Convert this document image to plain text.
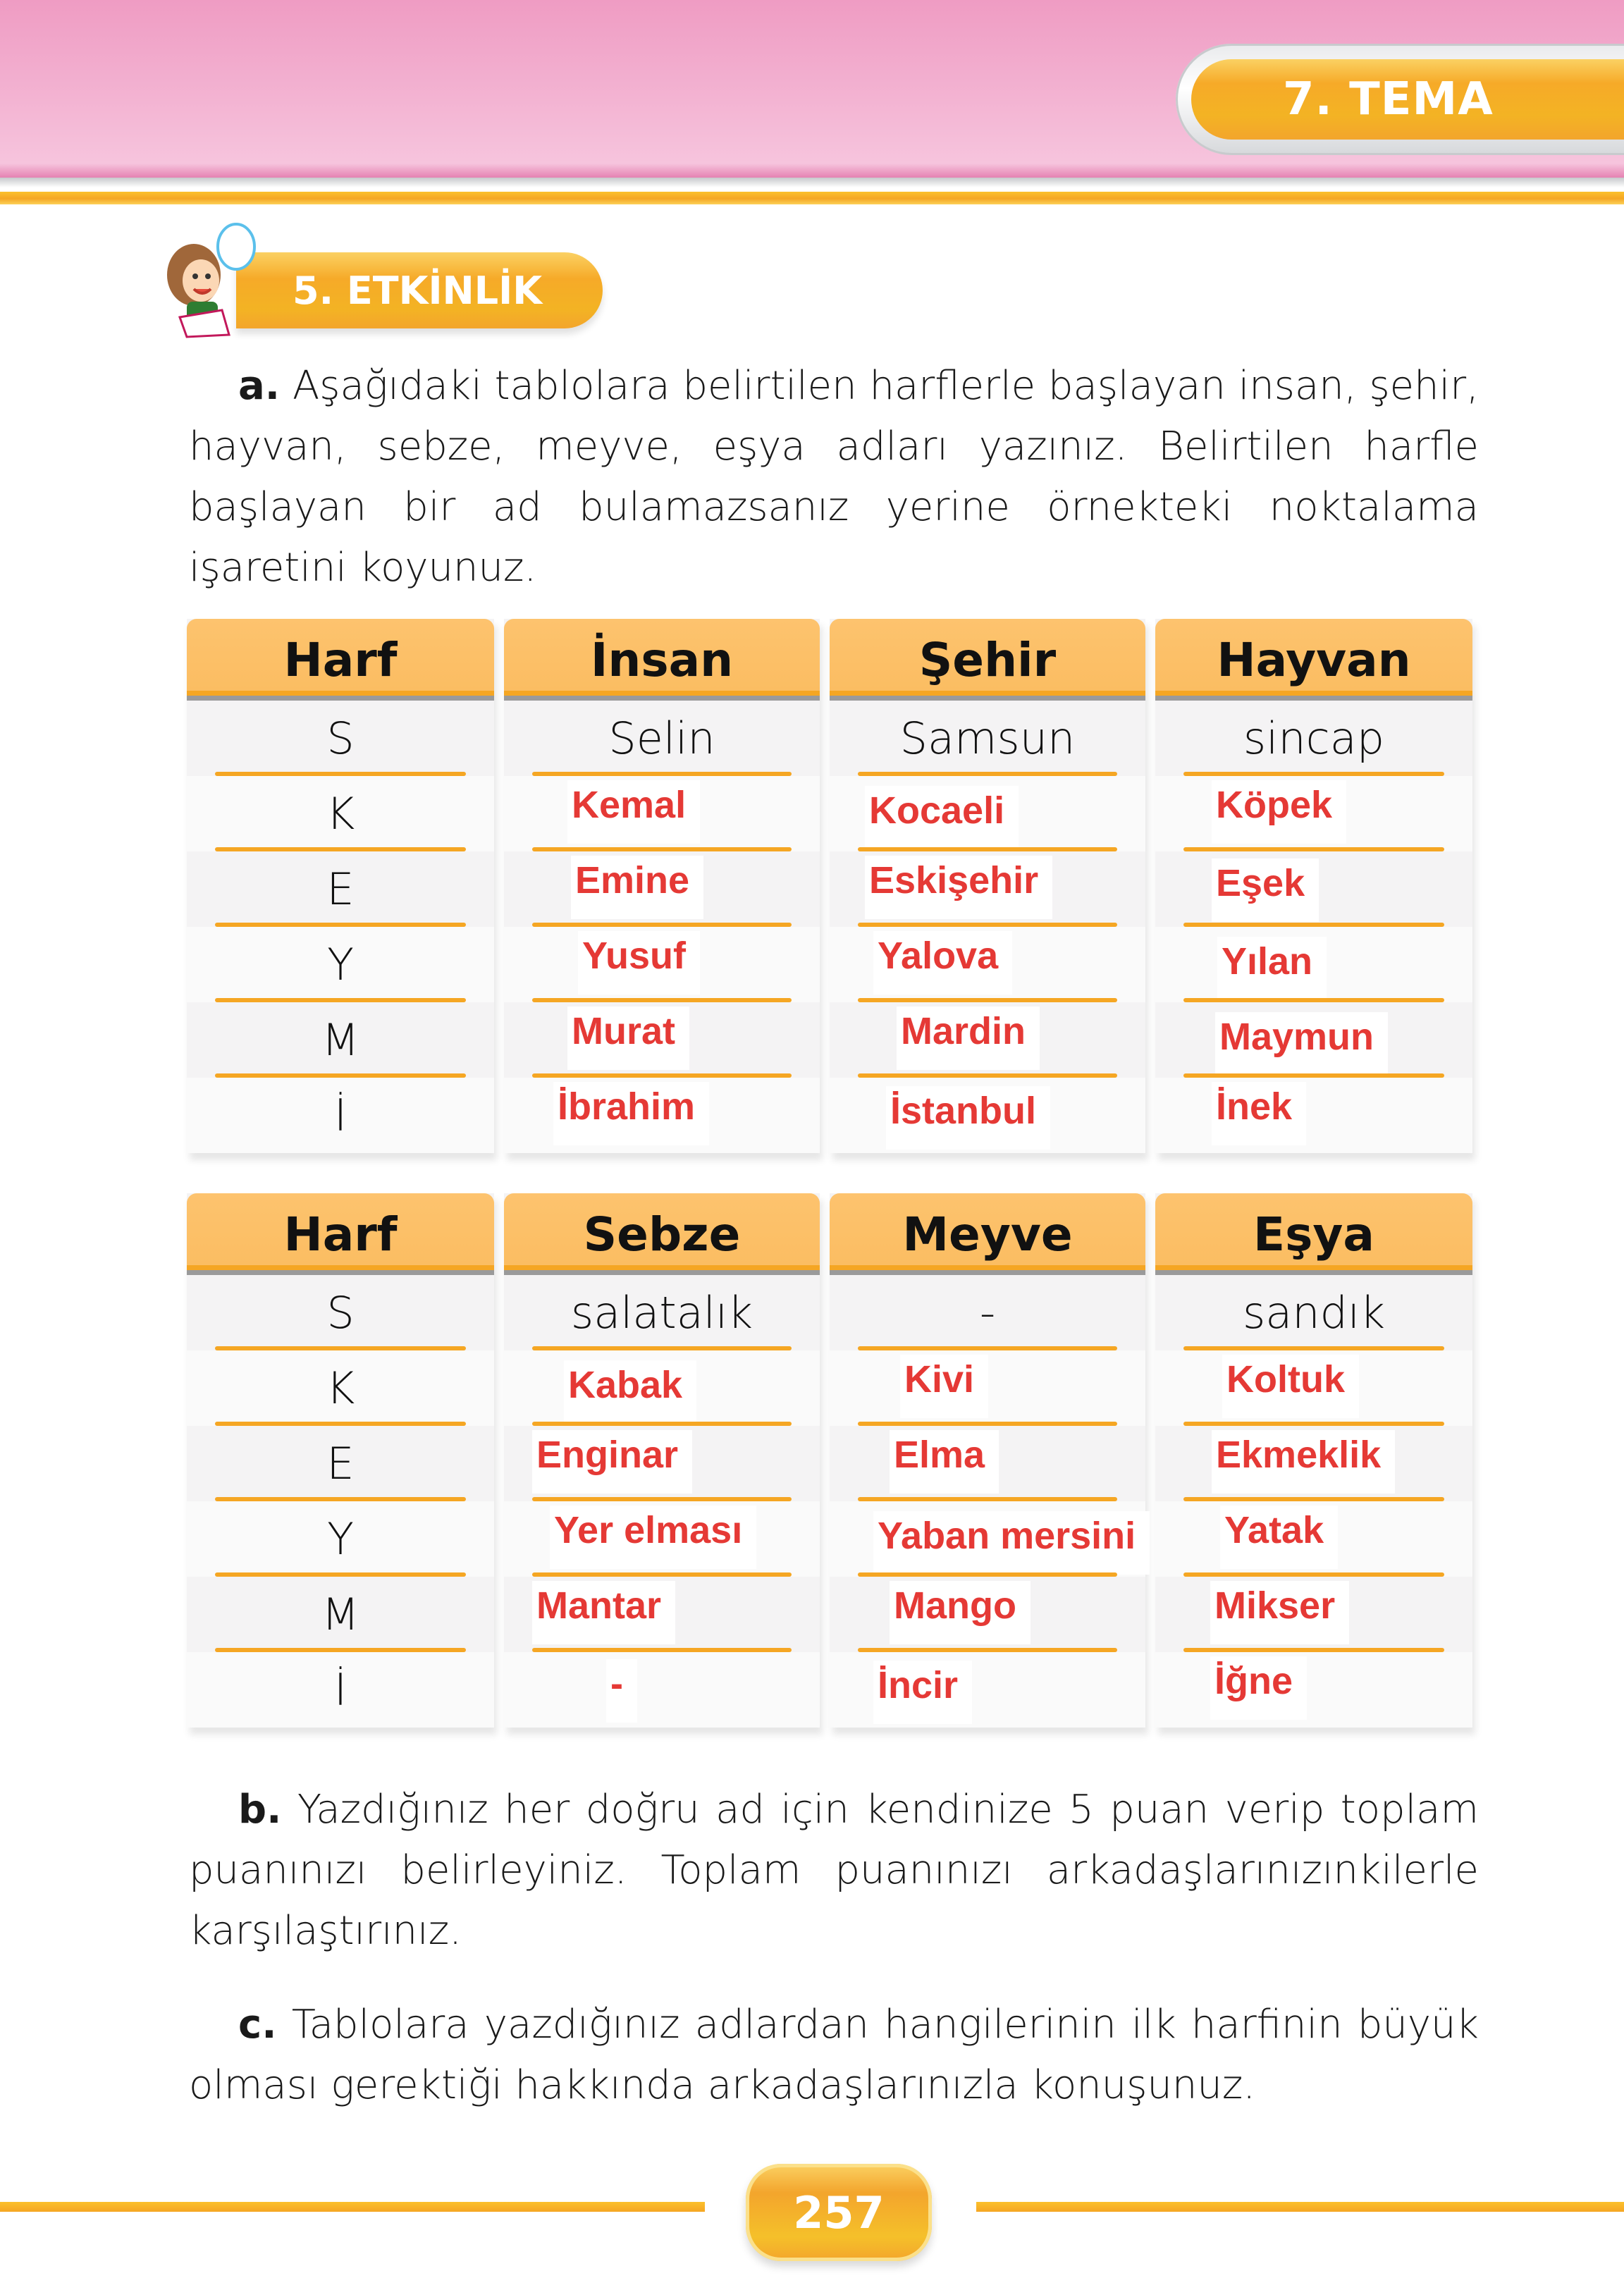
7. TEMA
5. ETKİNLİK
a. Aşağıdaki tablolara belirtilen harflerle başlayan insan, şehir, hayvan, sebze, meyve, eşya adları yazınız. Belirtilen harfle başlayan bir ad bulamazsanız yerine örnekteki noktalama işaretini koyunuz.
Harf
S
K
E
Y
M
İ
İnsan
Selin
Kemal
Emine
Yusuf
Murat
İbrahim
Şehir
Samsun
Kocaeli
Eskişehir
Yalova
Mardin
İstanbul
Hayvan
sincap
Köpek
Eşek
Yılan
Maymun
İnek
Harf
S
K
E
Y
M
İ
Sebze
salatalık
Kabak
Enginar
Yer elması
Mantar
-
Meyve
-
Kivi
Elma
Yaban mersini
Mango
İncir
Eşya
sandık
Koltuk
Ekmeklik
Yatak
Mikser
İğne
b. Yazdığınız her doğru ad için kendinize 5 puan verip toplam puanınızı belirleyiniz. Toplam puanınızı arkadaşlarınızınkilerle karşılaştırınız.
c. Tablolara yazdığınız adlardan hangilerinin ilk harfinin büyük olması gerektiği hakkında arkadaşlarınızla konuşunuz.
257
